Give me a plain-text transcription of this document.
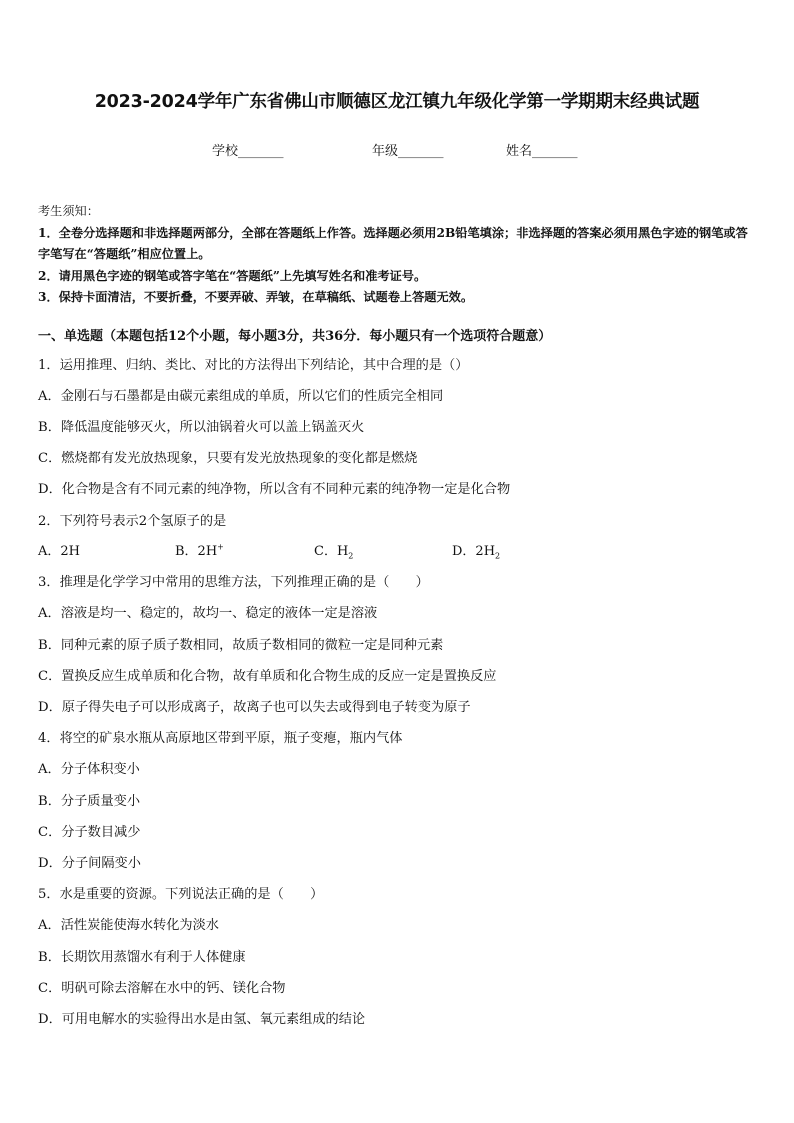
2023-2024学年广东省佛山市顺德区龙江镇九年级化学第一学期期末经典试题
学校_______	年级_______	姓名_______

考生须知：

1．全卷分选择题和非选择题两部分，全部在答题纸上作答。选择题必须用2B铅笔填涂；非选择题的答案必须用黑色字迹的钢笔或答字笔写在“答题纸”相应位置上。

2．请用黑色字迹的钢笔或答字笔在“答题纸”上先填写姓名和准考证号。

3．保持卡面清洁，不要折叠，不要弄破、弄皱，在草稿纸、试题卷上答题无效。

一、单选题（本题包括12个小题，每小题3分，共36分．每小题只有一个选项符合题意）
1．运用推理、归纳、类比、对比的方法得出下列结论，其中合理的是（）
A．金刚石与石墨都是由碳元素组成的单质，所以它们的性质完全相同
B．降低温度能够灭火，所以油锅着火可以盖上锅盖灭火
C．燃烧都有发光放热现象，只要有发光放热现象的变化都是燃烧
D．化合物是含有不同元素的纯净物，所以含有不同种元素的纯净物一定是化合物
2．下列符号表示2个氢原子的是
A．2H	B．2H+	C．$H_2$	D．$2H_2$
3．推理是化学学习中常用的思维方法，下列推理正确的是（　　）
A．溶液是均一、稳定的，故均一、稳定的液体一定是溶液
B．同种元素的原子质子数相同，故质子数相同的微粒一定是同种元素
C．置换反应生成单质和化合物，故有单质和化合物生成的反应一定是置换反应
D．原子得失电子可以形成离子，故离子也可以失去或得到电子转变为原子
4．将空的矿泉水瓶从高原地区带到平原，瓶子变瘪，瓶内气体
A．分子体积变小
B．分子质量变小
C．分子数目减少
D．分子间隔变小
5．水是重要的资源。下列说法正确的是（　　）
A．活性炭能使海水转化为淡水
B．长期饮用蒸馏水有利于人体健康
C．明矾可除去溶解在水中的钙、镁化合物
D．可用电解水的实验得出水是由氢、氧元素组成的结论
